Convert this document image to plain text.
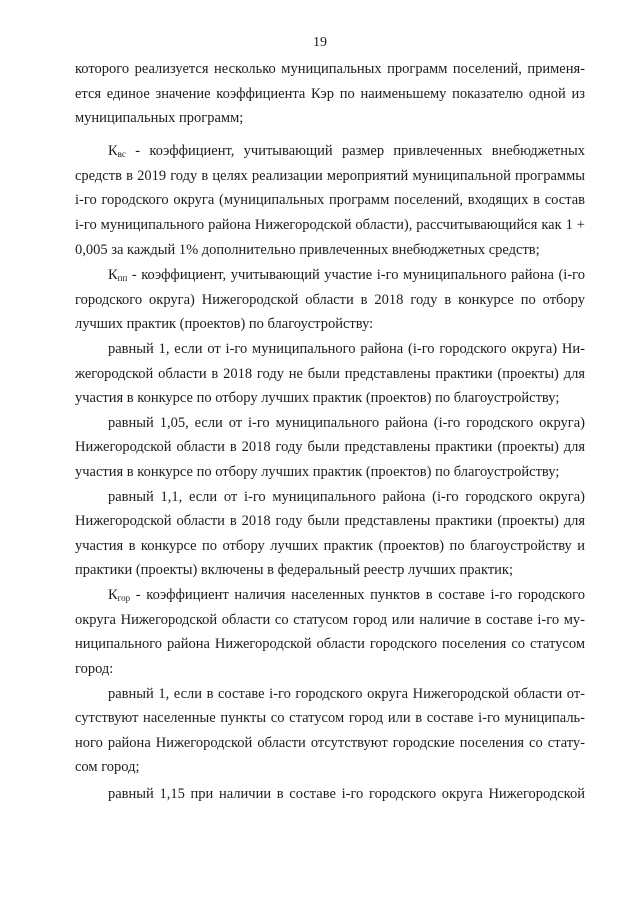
19
которого реализуется несколько муниципальных программ поселений, применя-
ется единое значение коэффициента Кэр по наименьшему показателю одной из
муниципальных программ;
$К_{вс}$ - коэффициент, учитывающий размер привлеченных внебюджетных
средств в 2019 году в целях реализации мероприятий муниципальной программы
i-го городского округа (муниципальных программ поселений, входящих в состав
i-го муниципального района Нижегородской области), рассчитывающийся как 1 +
0,005 за каждый 1% дополнительно привлеченных внебюджетных средств;
$К_{пп}$ - коэффициент, учитывающий участие i-го муниципального района (i-го
городского округа) Нижегородской области в 2018 году в конкурсе по отбору
лучших практик (проектов) по благоустройству:
равный 1, если от i-го муниципального района (i-го городского округа) Ни-
жегородской области в 2018 году не были представлены практики (проекты) для
участия в конкурсе по отбору лучших практик (проектов) по благоустройству;
равный 1,05, если от i-го муниципального района (i-го городского округа)
Нижегородской области в 2018 году были представлены практики (проекты) для
участия в конкурсе по отбору лучших практик (проектов) по благоустройству;
равный 1,1, если от i-го муниципального района (i-го городского округа)
Нижегородской области в 2018 году были представлены практики (проекты) для
участия в конкурсе по отбору лучших практик (проектов) по благоустройству и
практики (проекты) включены в федеральный реестр лучших практик;
$К_{гор}$ - коэффициент наличия населенных пунктов в составе i-го городского
округа Нижегородской области со статусом город или наличие в составе i-го му-
ниципального района Нижегородской области городского поселения со статусом
город:
равный 1, если в составе i-го городского округа Нижегородской области от-
сутствуют населенные пункты со статусом город или в составе i-го муниципаль-
ного района Нижегородской области отсутствуют городские поселения со стату-
сом город;
равный 1,15 при наличии в составе i-го городского округа Нижегородской
